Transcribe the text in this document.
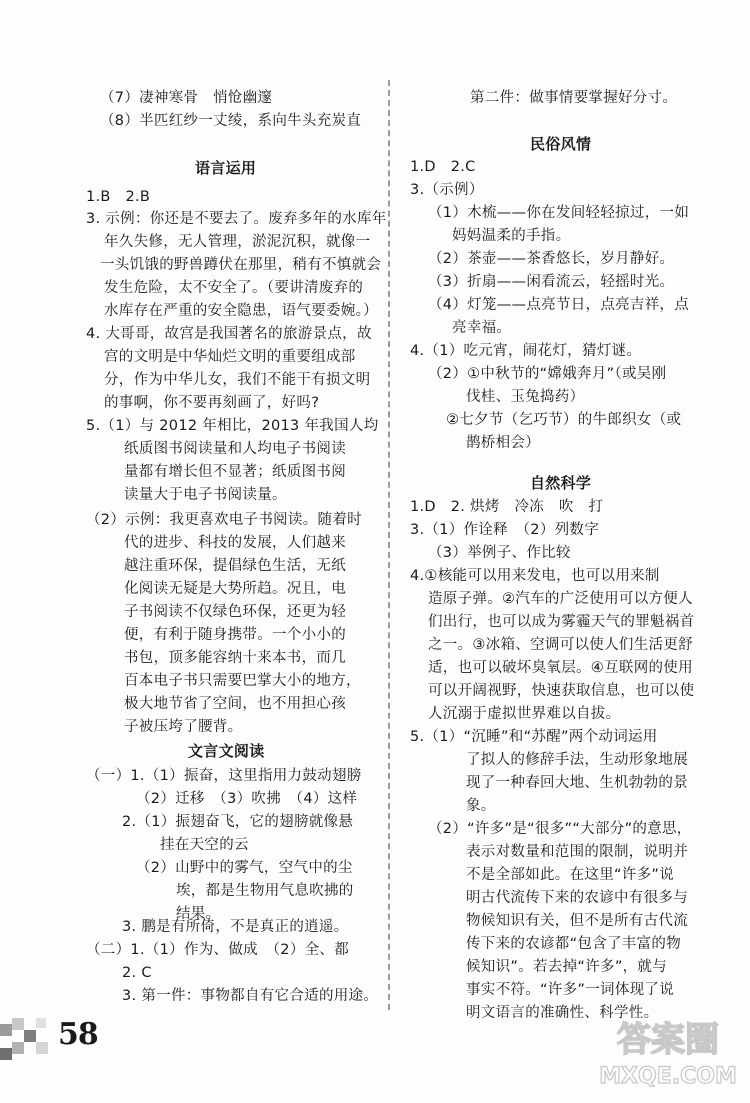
（7）凄神寒骨　悄怆幽邃
（8）半匹红纱一丈绫，系向牛头充炭直
语言运用
1.B　2.B
3. 示例：你还是不要去了。废弃多年的水库年
年久失修，无人管理，淤泥沉积，就像一
一头饥饿的野兽蹲伏在那里，稍有不慎就会
发生危险，太不安全了。（要讲清废弃的
水库存在严重的安全隐患，语气要委婉。）
4. 大哥哥，故宫是我国著名的旅游景点，故
宫的文明是中华灿烂文明的重要组成部
分，作为中华儿女，我们不能干有损文明
的事啊，你不要再刻画了，好吗?
5.（1）与 2012 年相比，2013 年我国人均
纸质图书阅读量和人均电子书阅读
量都有增长但不显著；纸质图书阅
读量大于电子书阅读量。
（2）示例：我更喜欢电子书阅读。随着时
代的进步、科技的发展，人们越来
越注重环保，提倡绿色生活，无纸
化阅读无疑是大势所趋。况且，电
子书阅读不仅绿色环保，还更为轻
便，有利于随身携带。一个小小的
书包，顶多能容纳十来本书，而几
百本电子书只需要巴掌大小的地方，
极大地节省了空间，也不用担心孩
子被压垮了腰背。
文言文阅读
（一）1.（1）振奋，这里指用力鼓动翅膀
（2）迁移　（3）吹拂　（4）这样
2.（1）振翅奋飞，它的翅膀就像悬
挂在天空的云
（2）山野中的雾气，空气中的尘
埃，都是生物用气息吹拂的
结果。
3. 鹏是有所倚，不是真正的逍遥。
（二）1.（1）作为、做成　（2）全、都
2. C
3. 第一件：事物都自有它合适的用途。
第二件：做事情要掌握好分寸。
民俗风情
1.D　2.C
3.（示例）
（1）木梳——你在发间轻轻掠过，一如
妈妈温柔的手指。
（2）茶壶——茶香悠长，岁月静好。
（3）折扇——闲看流云，轻摇时光。
（4）灯笼——点亮节日，点亮吉祥，点
亮幸福。
4.（1）吃元宵，闹花灯，猜灯谜。
（2）①中秋节的“嫦娥奔月”（或吴刚
伐桂、玉兔捣药）
②七夕节（乞巧节）的牛郎织女（或
鹊桥相会）
自然科学
1.D　2. 烘烤　冷冻　吹　打
3.（1）作诠释　（2）列数字
（3）举例子、作比较
4.①核能可以用来发电，也可以用来制
造原子弹。②汽车的广泛使用可以方便人
们出行，也可以成为雾霾天气的罪魁祸首
之一。③冰箱、空调可以使人们生活更舒
适，也可以破坏臭氧层。④互联网的使用
可以开阔视野，快速获取信息，也可以使
人沉溺于虚拟世界难以自拔。
5.（1）“沉睡”和“苏醒”两个动词运用
了拟人的修辞手法，生动形象地展
现了一种春回大地、生机勃勃的景
象。
（2）“许多”是“很多”“大部分”的意思，
表示对数量和范围的限制，说明并
不是全部如此。在这里“许多”说
明古代流传下来的农谚中有很多与
物候知识有关，但不是所有古代流
传下来的农谚都“包含了丰富的物
候知识”。若去掉“许多”，就与
事实不符。“许多”一词体现了说
明文语言的准确性、科学性。
58	答案圈
MXQE.COM
